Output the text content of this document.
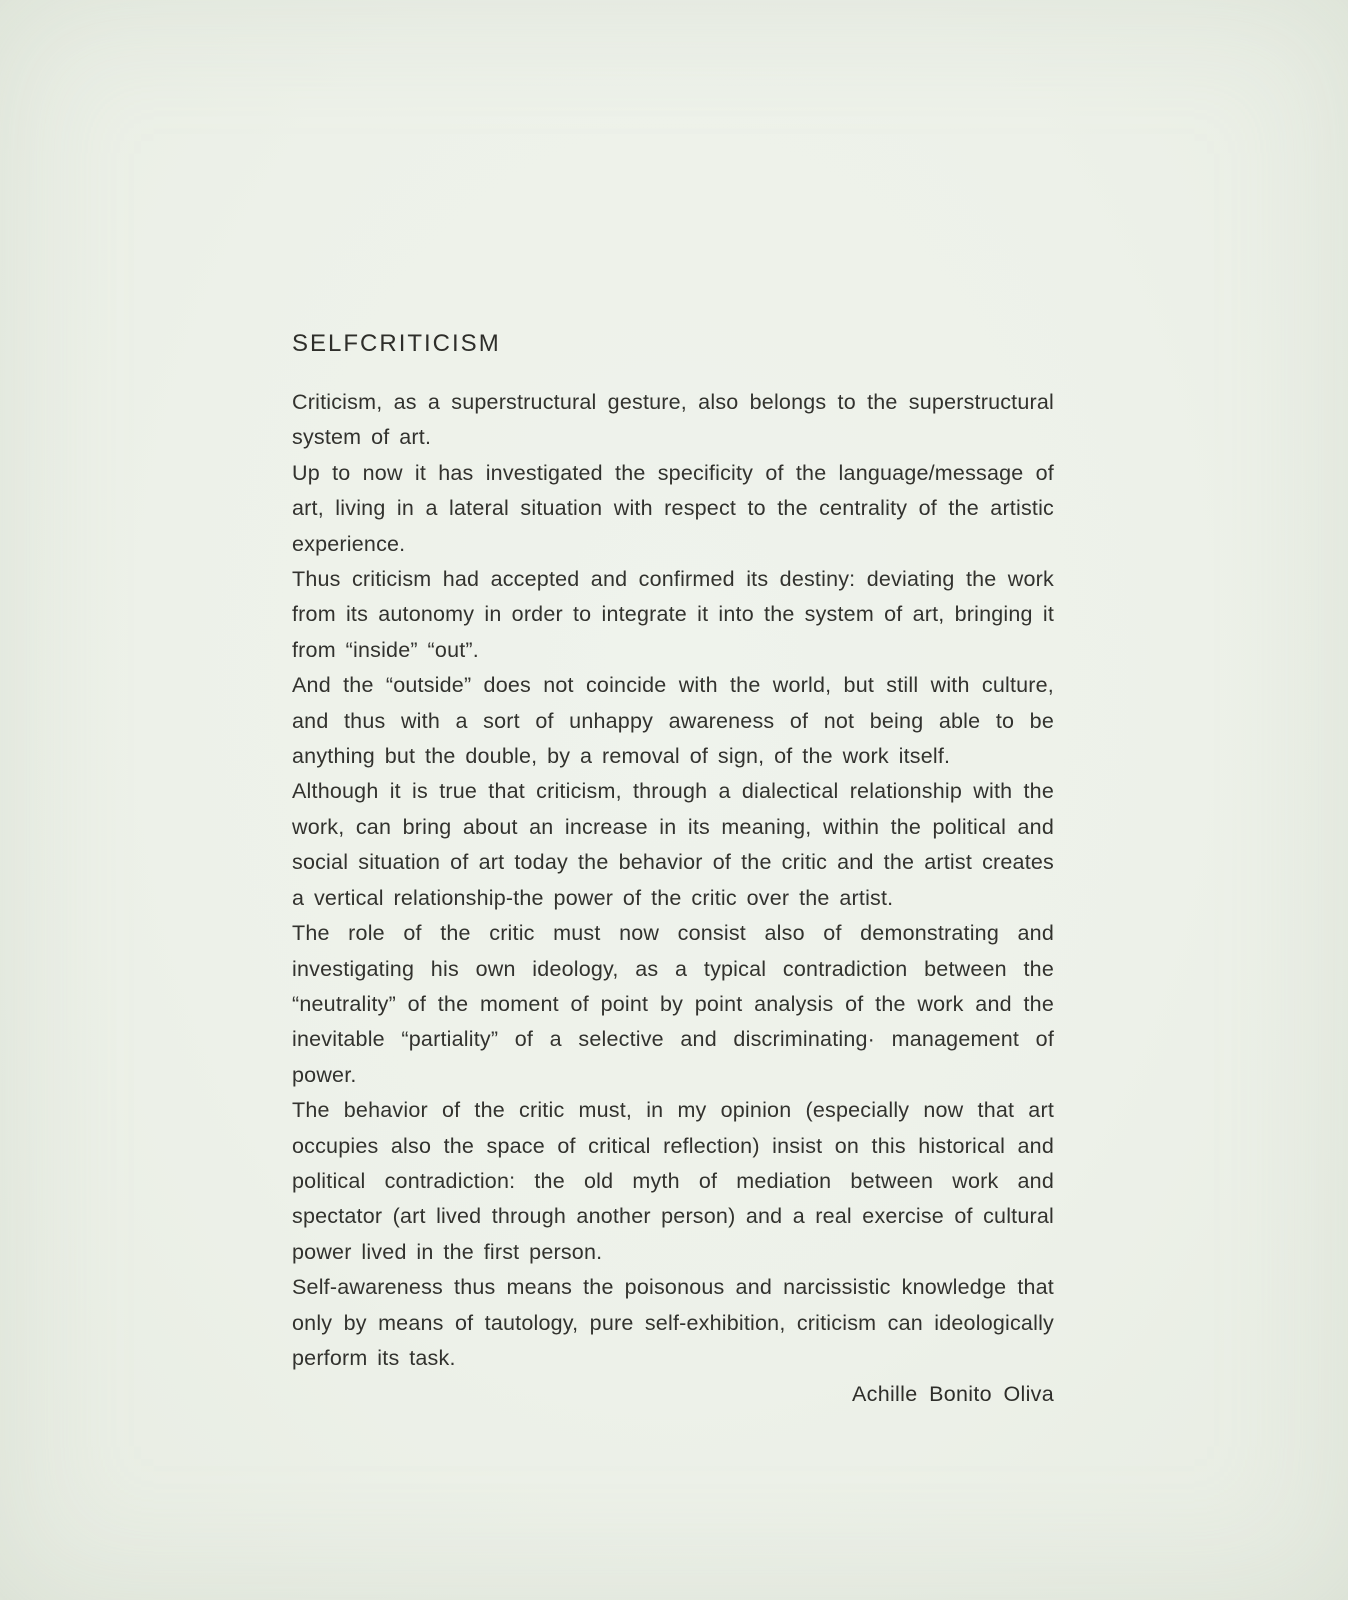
SELFCRITICISM

Criticism, as a superstructural gesture, also belongs to the superstructural system of art.

Up to now it has investigated the specificity of the language/message of art, living in a lateral situation with respect to the centrality of the artistic experience.

Thus criticism had accepted and confirmed its destiny: deviating the work from its autonomy in order to integrate it into the system of art, bringing it from “inside” “out”.

And the “outside” does not coincide with the world, but still with culture, and thus with a sort of unhappy awareness of not being able to be anything but the double, by a removal of sign, of the work itself.

Although it is true that criticism, through a dialectical relationship with the work, can bring about an increase in its meaning, within the political and social situation of art today the behavior of the critic and the artist creates a vertical relationship-the power of the critic over the artist.

The role of the critic must now consist also of demonstrating and investigating his own ideology, as a typical contradiction between the “neutrality” of the moment of point by point analysis of the work and the inevitable “partiality” of a selective and discriminating· management of power.

The behavior of the critic must, in my opinion (especially now that art occupies also the space of critical reflection) insist on this historical and political contradiction: the old myth of mediation between work and spectator (art lived through another person) and a real exercise of cultural power lived in the first person.

Self-awareness thus means the poisonous and narcissistic knowledge that only by means of tautology, pure self-exhibition, criticism can ideologically perform its task.

Achille Bonito Oliva
